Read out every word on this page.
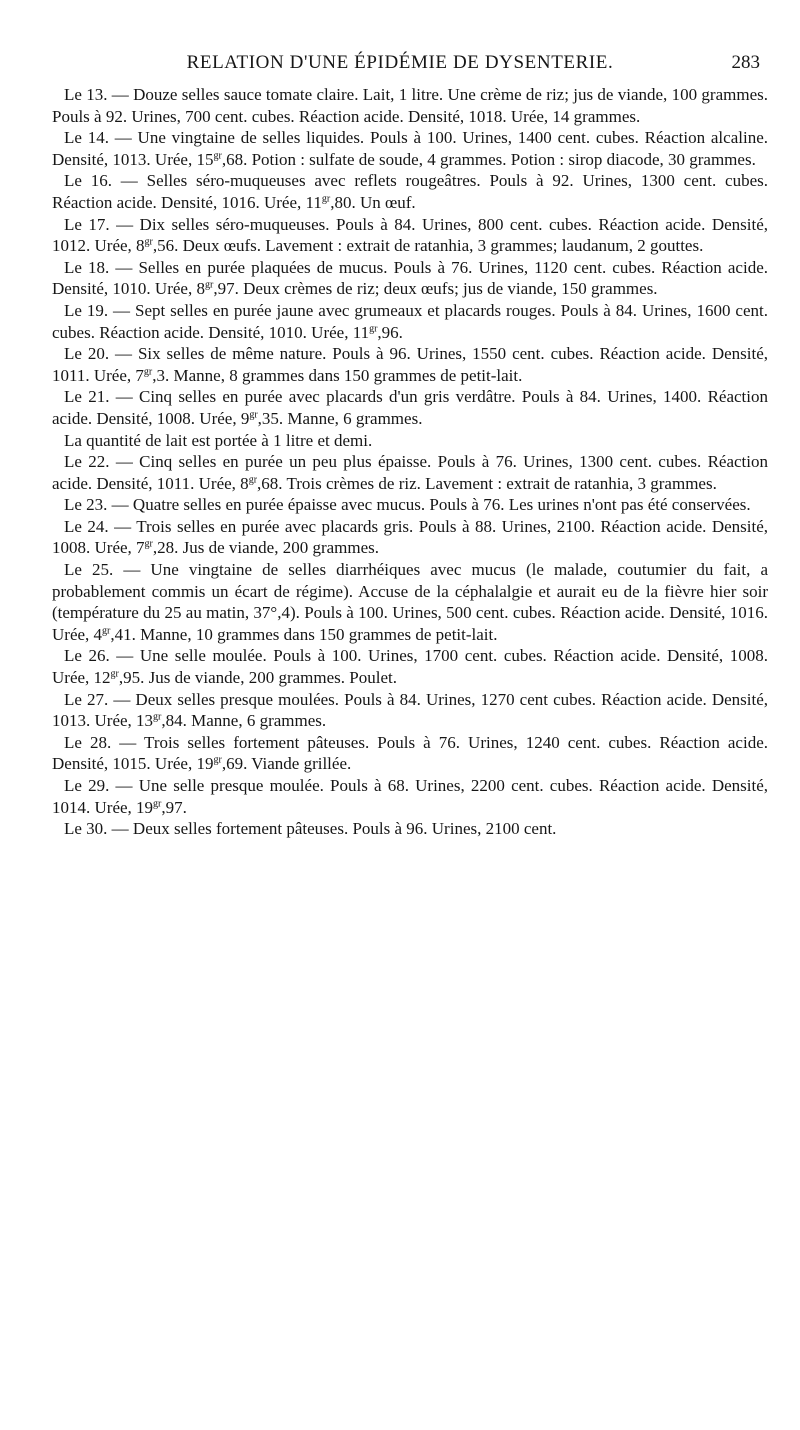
RELATION D'UNE ÉPIDÉMIE DE DYSENTERIE.	283

Le 13. — Douze selles sauce tomate claire. Lait, 1 litre. Une crème de riz; jus de viande, 100 grammes. Pouls à 92. Urines, 700 cent. cubes. Réaction acide. Densité, 1018. Urée, 14 grammes.

Le 14. — Une vingtaine de selles liquides. Pouls à 100. Urines, 1400 cent. cubes. Réaction alcaline. Densité, 1013. Urée, $15^{gr},68$. Potion : sulfate de soude, 4 grammes. Potion : sirop diacode, 30 grammes.

Le 16. — Selles séro-muqueuses avec reflets rougeâtres. Pouls à 92. Urines, 1300 cent. cubes. Réaction acide. Densité, 1016. Urée, $11^{gr},80$. Un œuf.

Le 17. — Dix selles séro-muqueuses. Pouls à 84. Urines, 800 cent. cubes. Réaction acide. Densité, 1012. Urée, $8^{gr},56$. Deux œufs. Lavement : extrait de ratanhia, 3 grammes; laudanum, 2 gouttes.

Le 18. — Selles en purée plaquées de mucus. Pouls à 76. Urines, 1120 cent. cubes. Réaction acide. Densité, 1010. Urée, $8^{gr},97$. Deux crèmes de riz; deux œufs; jus de viande, 150 grammes.

Le 19. — Sept selles en purée jaune avec grumeaux et placards rouges. Pouls à 84. Urines, 1600 cent. cubes. Réaction acide. Densité, 1010. Urée, $11^{gr},96$.

Le 20. — Six selles de même nature. Pouls à 96. Urines, 1550 cent. cubes. Réaction acide. Densité, 1011. Urée, $7^{gr},3$. Manne, 8 grammes dans 150 grammes de petit-lait.

Le 21. — Cinq selles en purée avec placards d'un gris verdâtre. Pouls à 84. Urines, 1400. Réaction acide. Densité, 1008. Urée, $9^{gr},35$. Manne, 6 grammes.

La quantité de lait est portée à 1 litre et demi.

Le 22. — Cinq selles en purée un peu plus épaisse. Pouls à 76. Urines, 1300 cent. cubes. Réaction acide. Densité, 1011. Urée, $8^{gr},68$. Trois crèmes de riz. Lavement : extrait de ratanhia, 3 grammes.

Le 23. — Quatre selles en purée épaisse avec mucus. Pouls à 76. Les urines n'ont pas été conservées.

Le 24. — Trois selles en purée avec placards gris. Pouls à 88. Urines, 2100. Réaction acide. Densité, 1008. Urée, $7^{gr},28$. Jus de viande, 200 grammes.

Le 25. — Une vingtaine de selles diarrhéiques avec mucus (le malade, coutumier du fait, a probablement commis un écart de régime). Accuse de la céphalalgie et aurait eu de la fièvre hier soir (température du 25 au matin, 37°,4). Pouls à 100. Urines, 500 cent. cubes. Réaction acide. Densité, 1016. Urée, $4^{gr},41$. Manne, 10 grammes dans 150 grammes de petit-lait.

Le 26. — Une selle moulée. Pouls à 100. Urines, 1700 cent. cubes. Réaction acide. Densité, 1008. Urée, $12^{gr},95$. Jus de viande, 200 grammes. Poulet.

Le 27. — Deux selles presque moulées. Pouls à 84. Urines, 1270 cent cubes. Réaction acide. Densité, 1013. Urée, $13^{gr},84$. Manne, 6 grammes.

Le 28. — Trois selles fortement pâteuses. Pouls à 76. Urines, 1240 cent. cubes. Réaction acide. Densité, 1015. Urée, $19^{gr},69$. Viande grillée.

Le 29. — Une selle presque moulée. Pouls à 68. Urines, 2200 cent. cubes. Réaction acide. Densité, 1014. Urée, $19^{gr},97$.

Le 30. — Deux selles fortement pâteuses. Pouls à 96. Urines, 2100 cent.
